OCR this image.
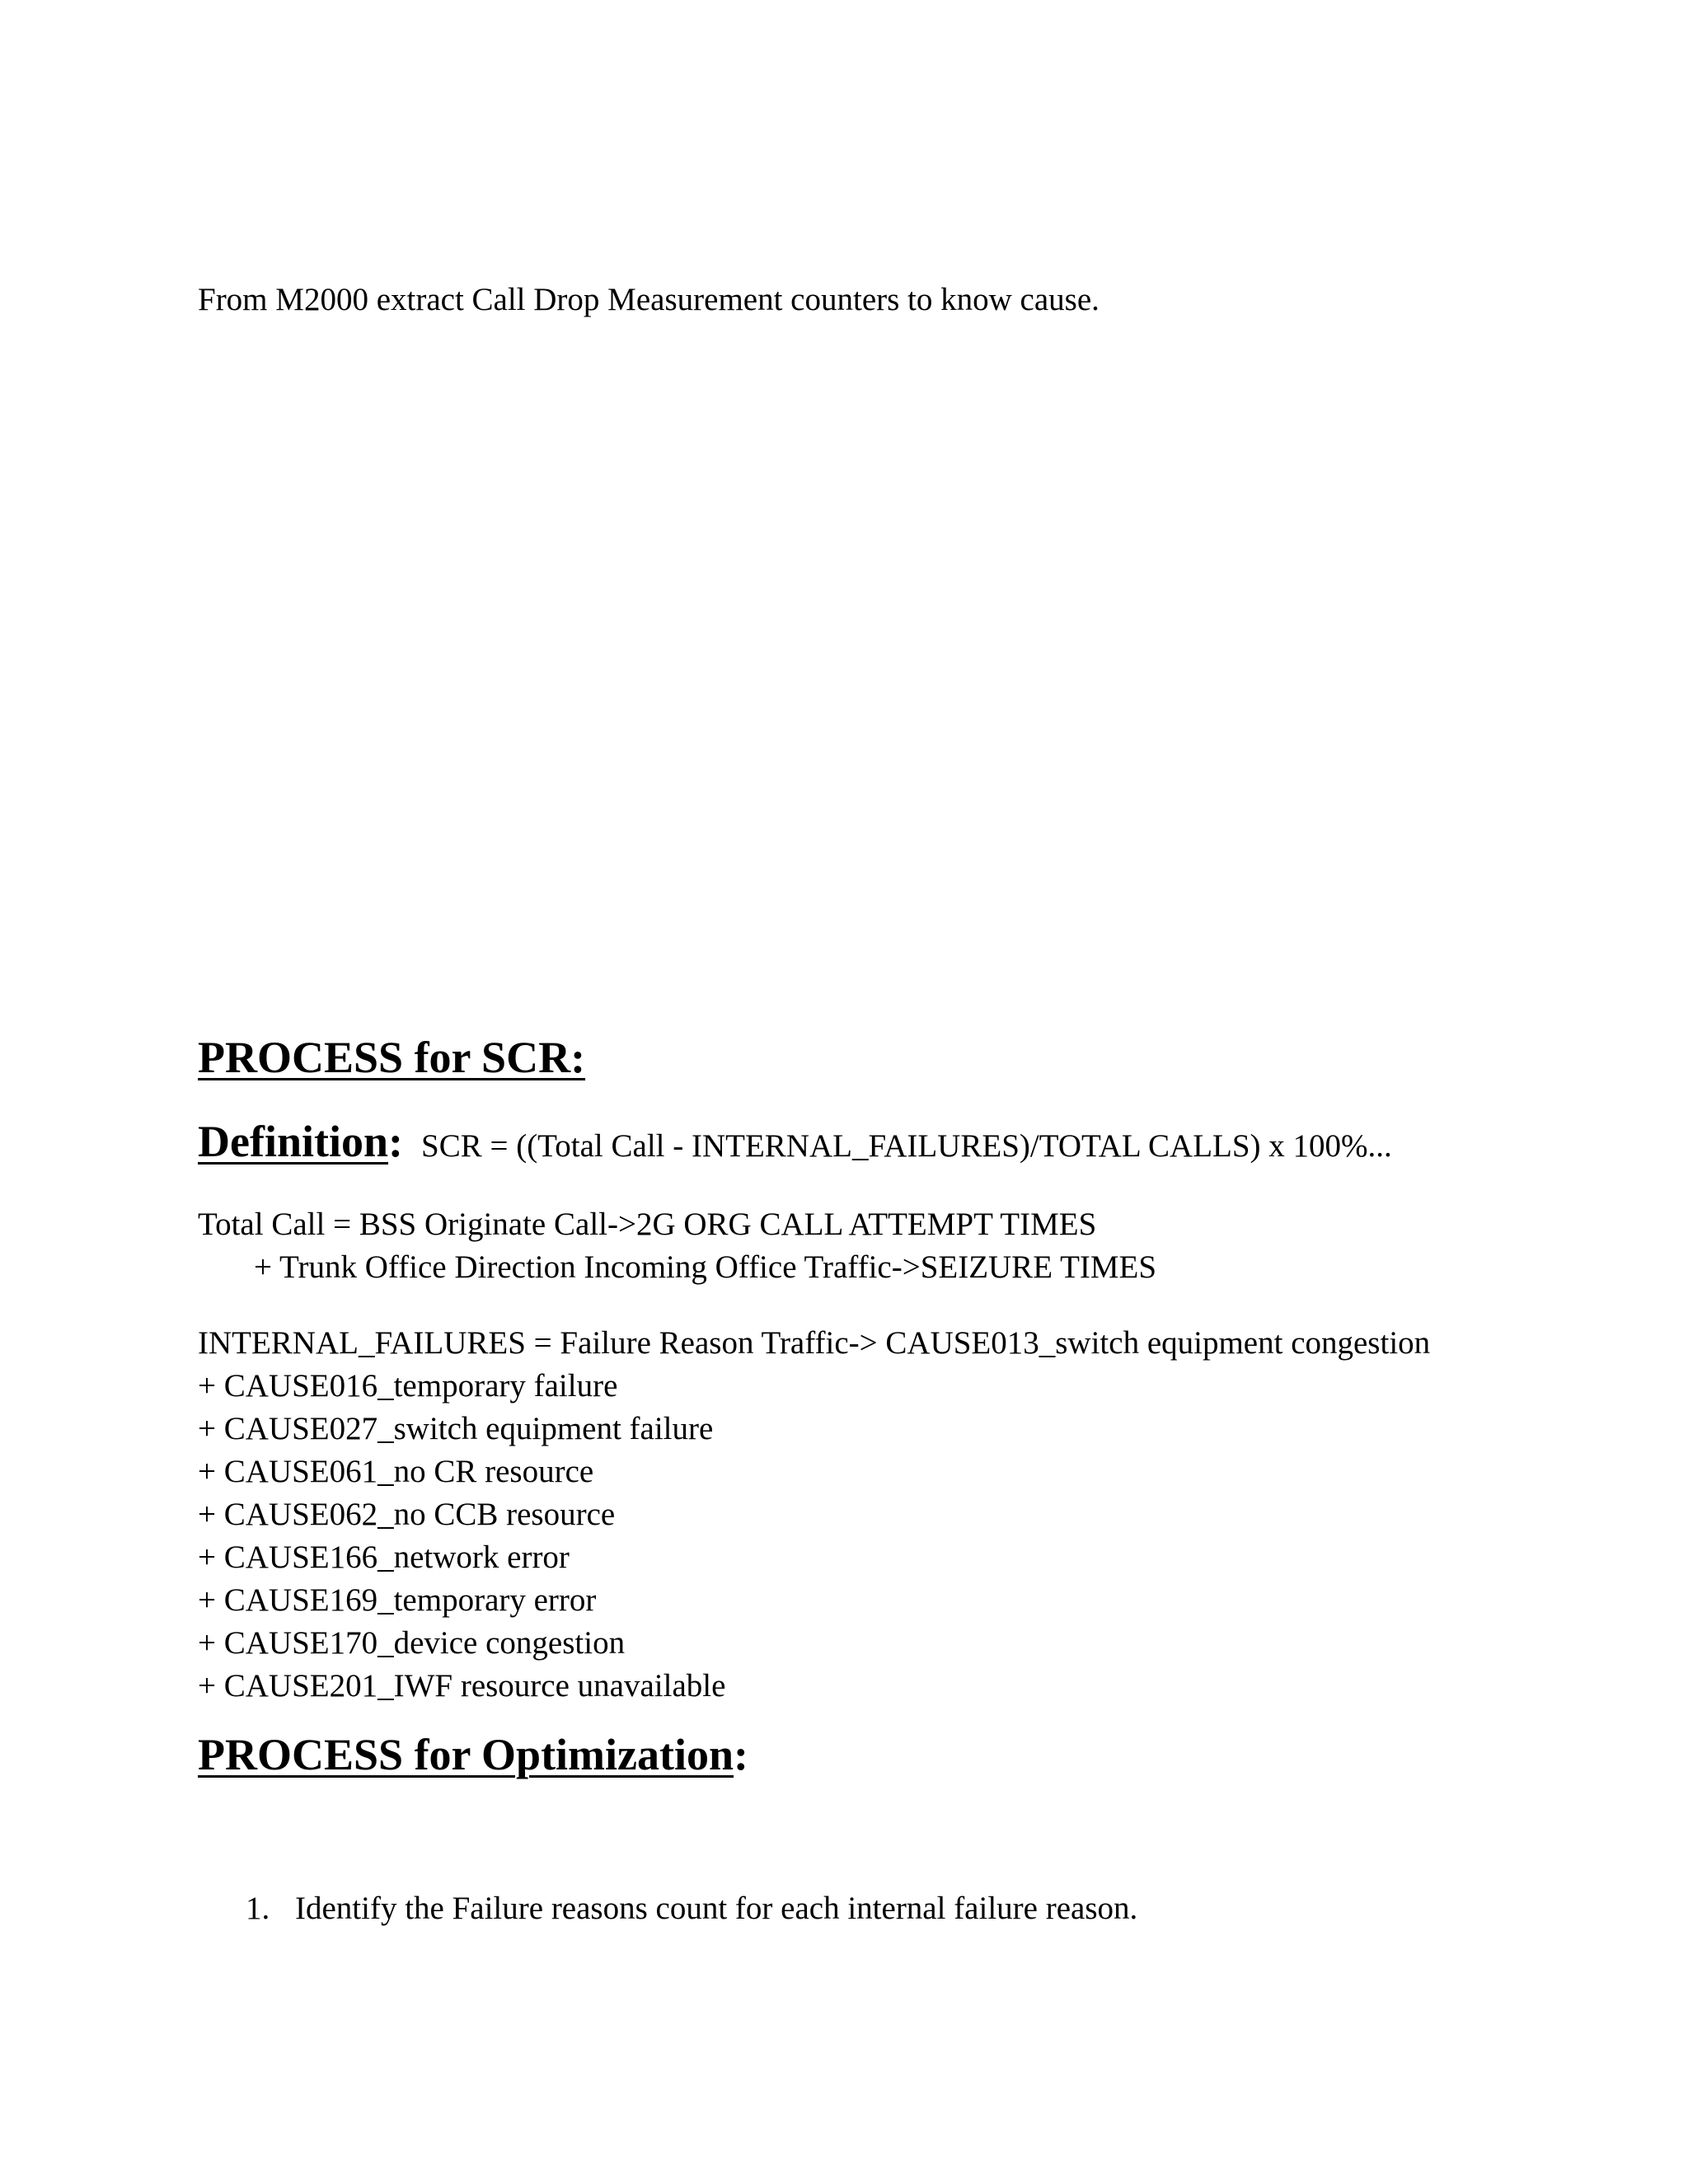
From M2000 extract Call Drop Measurement counters to know cause.
PROCESS for SCR:
Definition: SCR = ((Total Call - INTERNAL_FAILURES)/TOTAL CALLS) x 100%...
Total Call = BSS Originate Call->2G ORG CALL ATTEMPT TIMES
+ Trunk Office Direction Incoming Office Traffic->SEIZURE TIMES
INTERNAL_FAILURES = Failure Reason Traffic-> CAUSE013_switch equipment congestion
+ CAUSE016_temporary failure
+ CAUSE027_switch equipment failure
+ CAUSE061_no CR resource
+ CAUSE062_no CCB resource
+ CAUSE166_network error
+ CAUSE169_temporary error
+ CAUSE170_device congestion
+ CAUSE201_IWF resource unavailable
PROCESS for Optimization:
1. Identify the Failure reasons count for each internal failure reason.
